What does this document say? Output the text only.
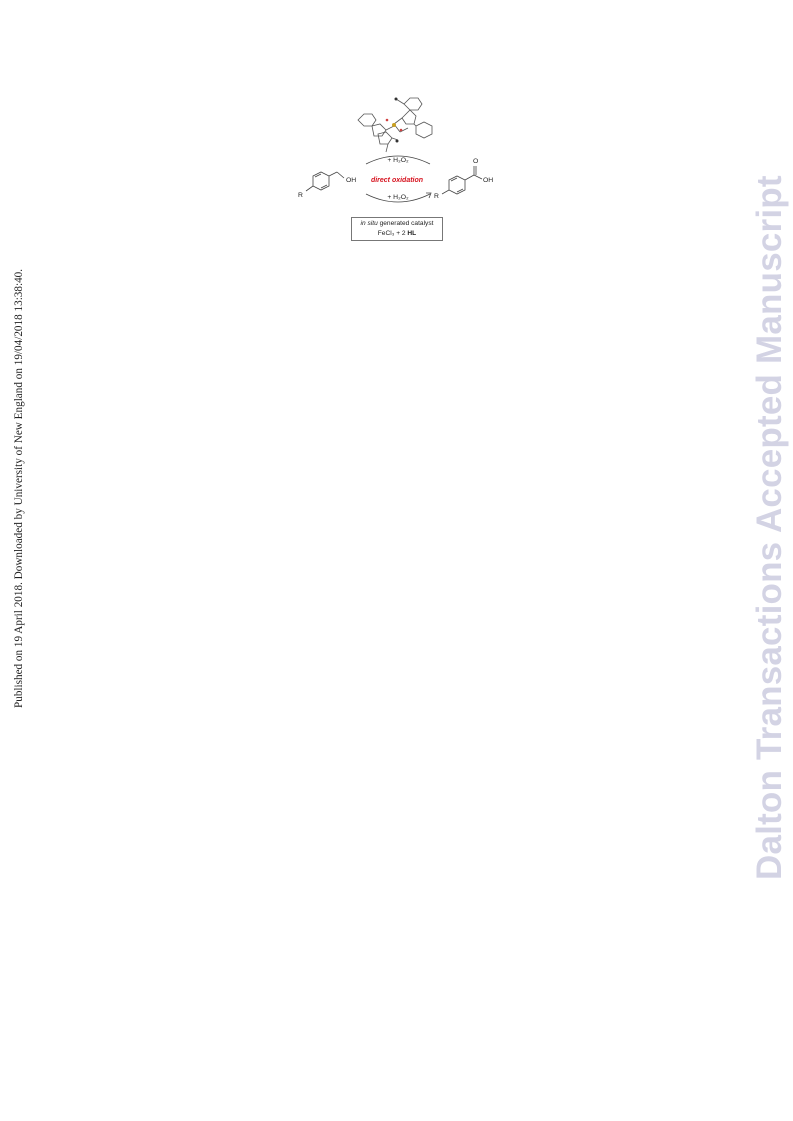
Published on 19 April 2018. Downloaded by University of New England on 19/04/2018 13:38:40.	Dalton Transactions Accepted Manuscript
+ H₂O₂
direct oxidation
+ H₂O₂
R
OH
O
OH
R
in situ generated catalyst
FeCl₃ + 2 HL
